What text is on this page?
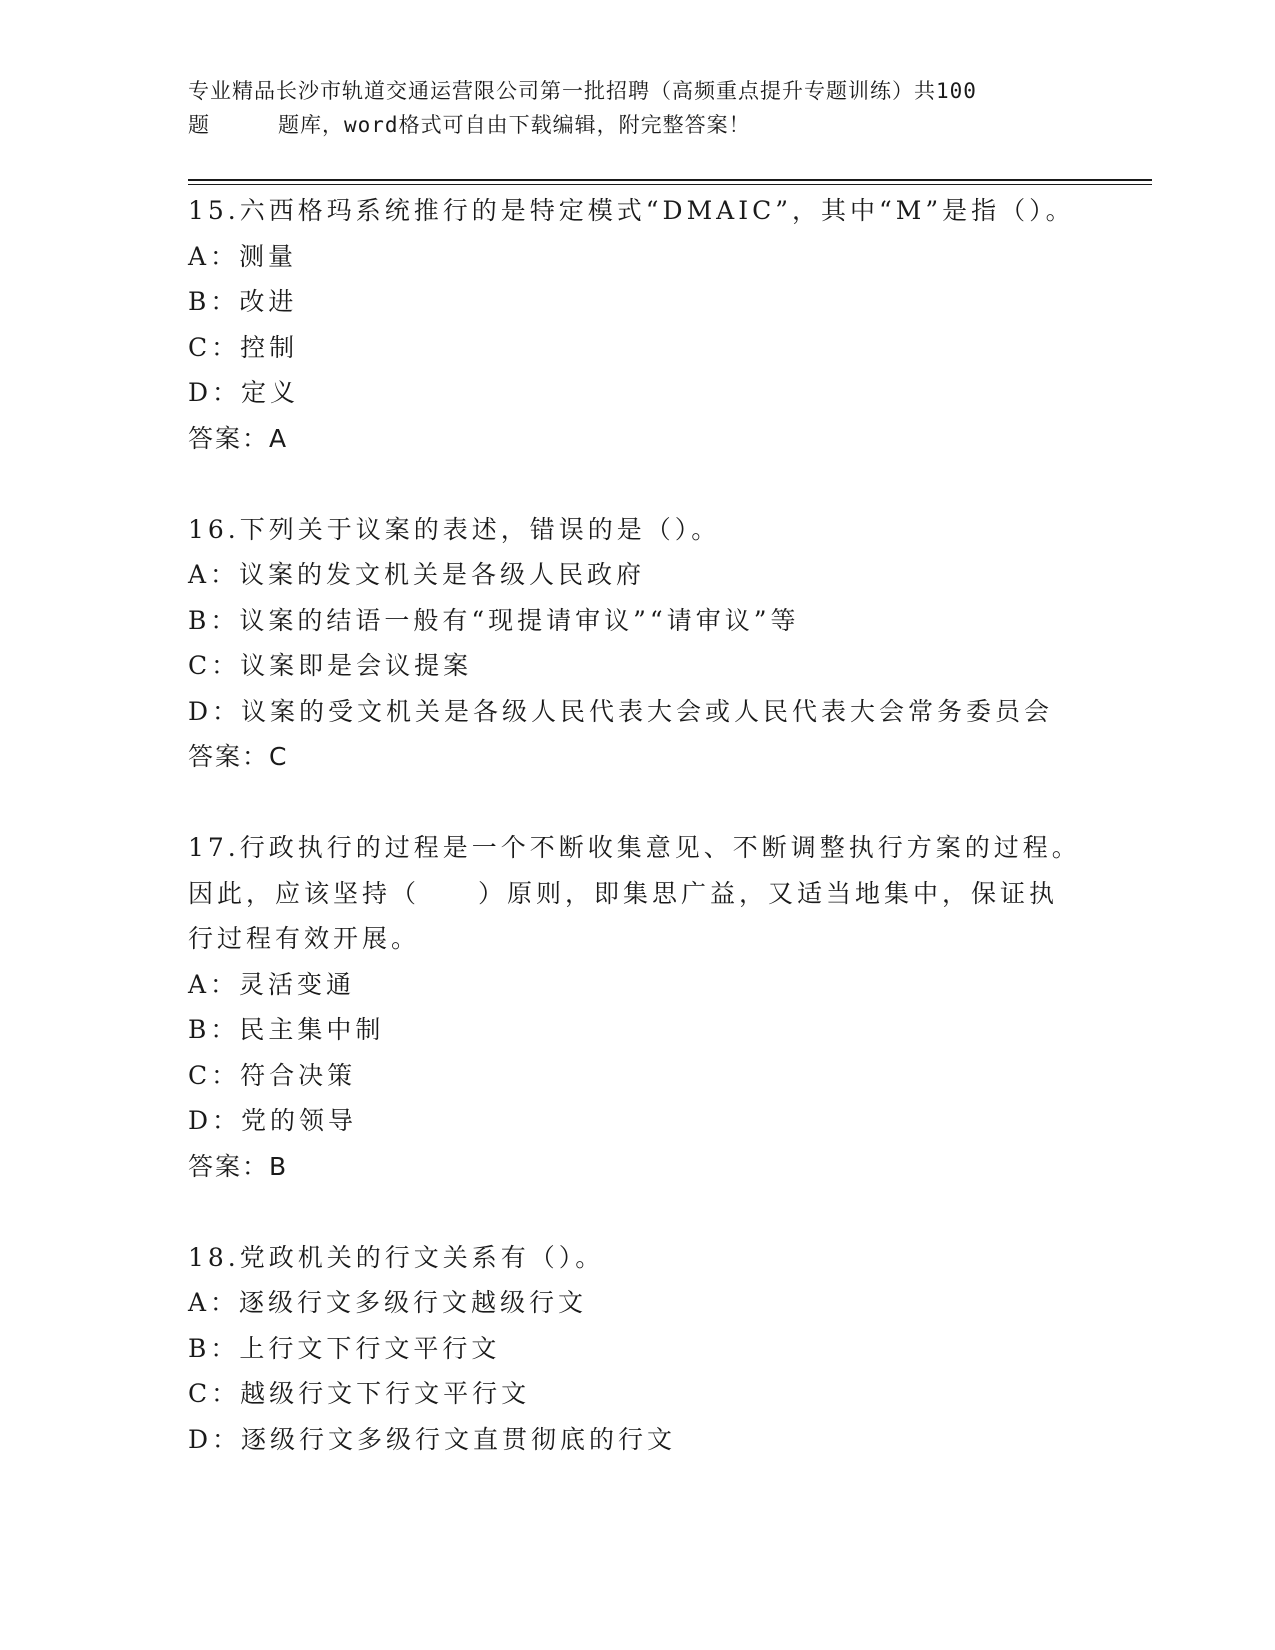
专业精品长沙市轨道交通运营限公司第一批招聘（高频重点提升专题训练）共100
题	题库，word格式可自由下载编辑，附完整答案！
15.六西格玛系统推行的是特定模式“DMAIC”，其中“M”是指（）。
A：测量
B：改进
C：控制
D：定义
答案：A
16.下列关于议案的表述，错误的是（）。
A：议案的发文机关是各级人民政府
B：议案的结语一般有“现提请审议”“请审议”等
C：议案即是会议提案
D：议案的受文机关是各级人民代表大会或人民代表大会常务委员会
答案：C
17.行政执行的过程是一个不断收集意见、不断调整执行方案的过程。
因此，应该坚持（　　）原则，即集思广益，又适当地集中，保证执
行过程有效开展。
A：灵活变通
B：民主集中制
C：符合决策
D：党的领导
答案：B
18.党政机关的行文关系有（）。
A：逐级行文多级行文越级行文
B：上行文下行文平行文
C：越级行文下行文平行文
D：逐级行文多级行文直贯彻底的行文
